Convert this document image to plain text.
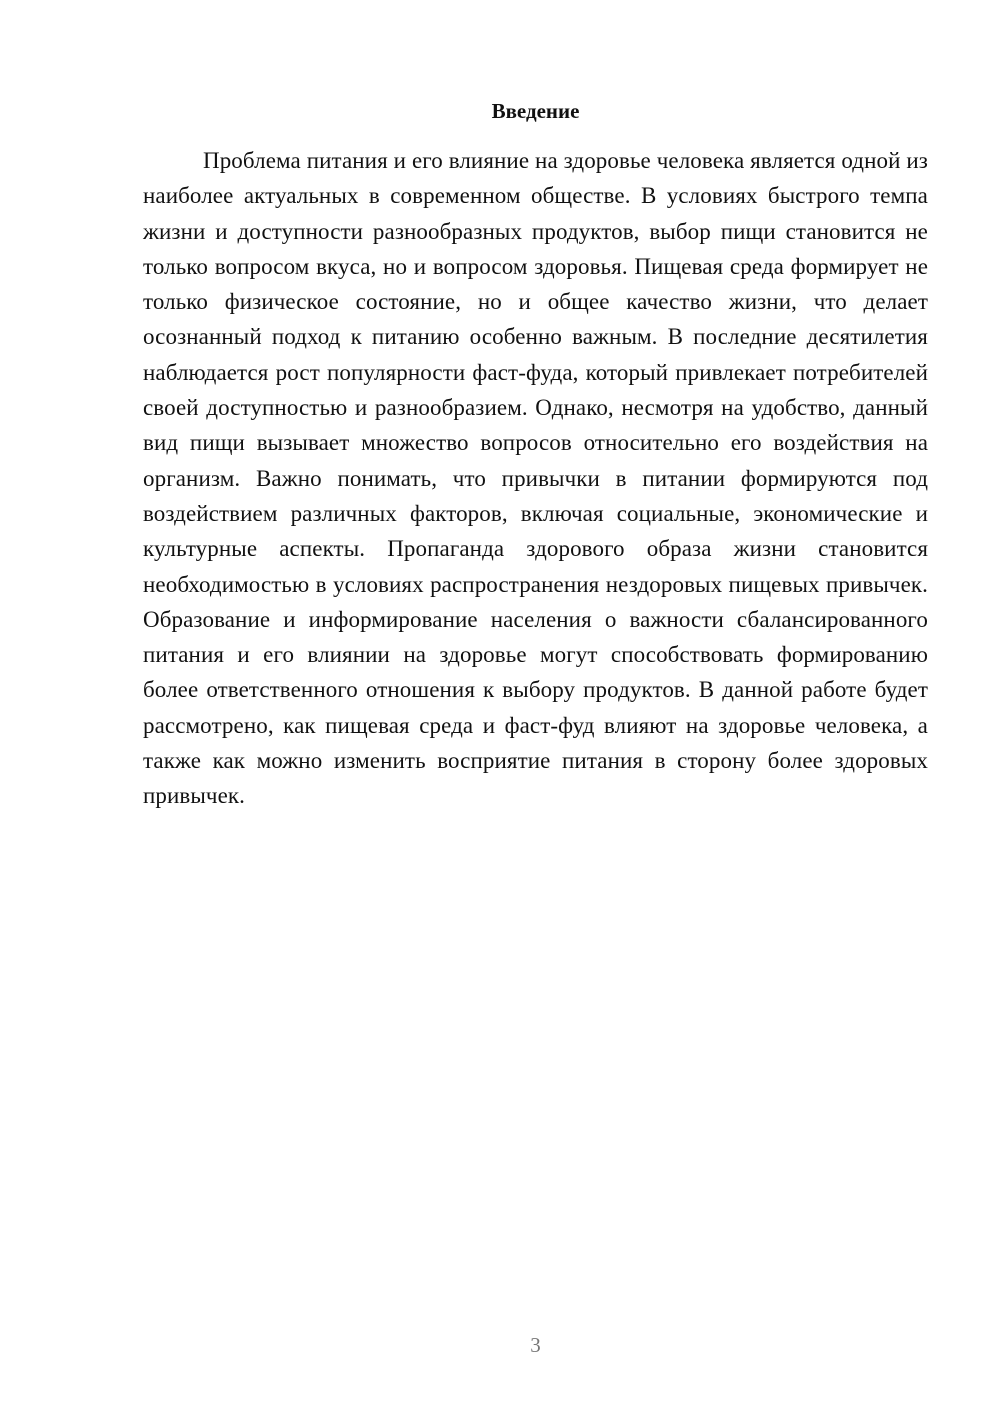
Введение

Проблема питания и его влияние на здоровье человека является одной из наиболее актуальных в современном обществе. В условиях быстрого темпа жизни и доступности разнообразных продуктов, выбор пищи становится не только вопросом вкуса, но и вопросом здоровья. Пищевая среда формирует не только физическое состояние, но и общее качество жизни, что делает осознанный подход к питанию особенно важным. В последние десятилетия наблюдается рост популярности фаст-фуда, который привлекает потребителей своей доступностью и разнообразием. Однако, несмотря на удобство, данный вид пищи вызывает множество вопросов относительно его воздействия на организм. Важно понимать, что привычки в питании формируются под воздействием различных факторов, включая социальные, экономические и культурные аспекты. Пропаганда здорового образа жизни становится необходимостью в условиях распространения нездоровых пищевых привычек. Образование и информирование населения о важности сбалансированного питания и его влиянии на здоровье могут способствовать формированию более ответственного отношения к выбору продуктов. В данной работе будет рассмотрено, как пищевая среда и фаст-фуд влияют на здоровье человека, а также как можно изменить восприятие питания в сторону более здоровых привычек.

3
